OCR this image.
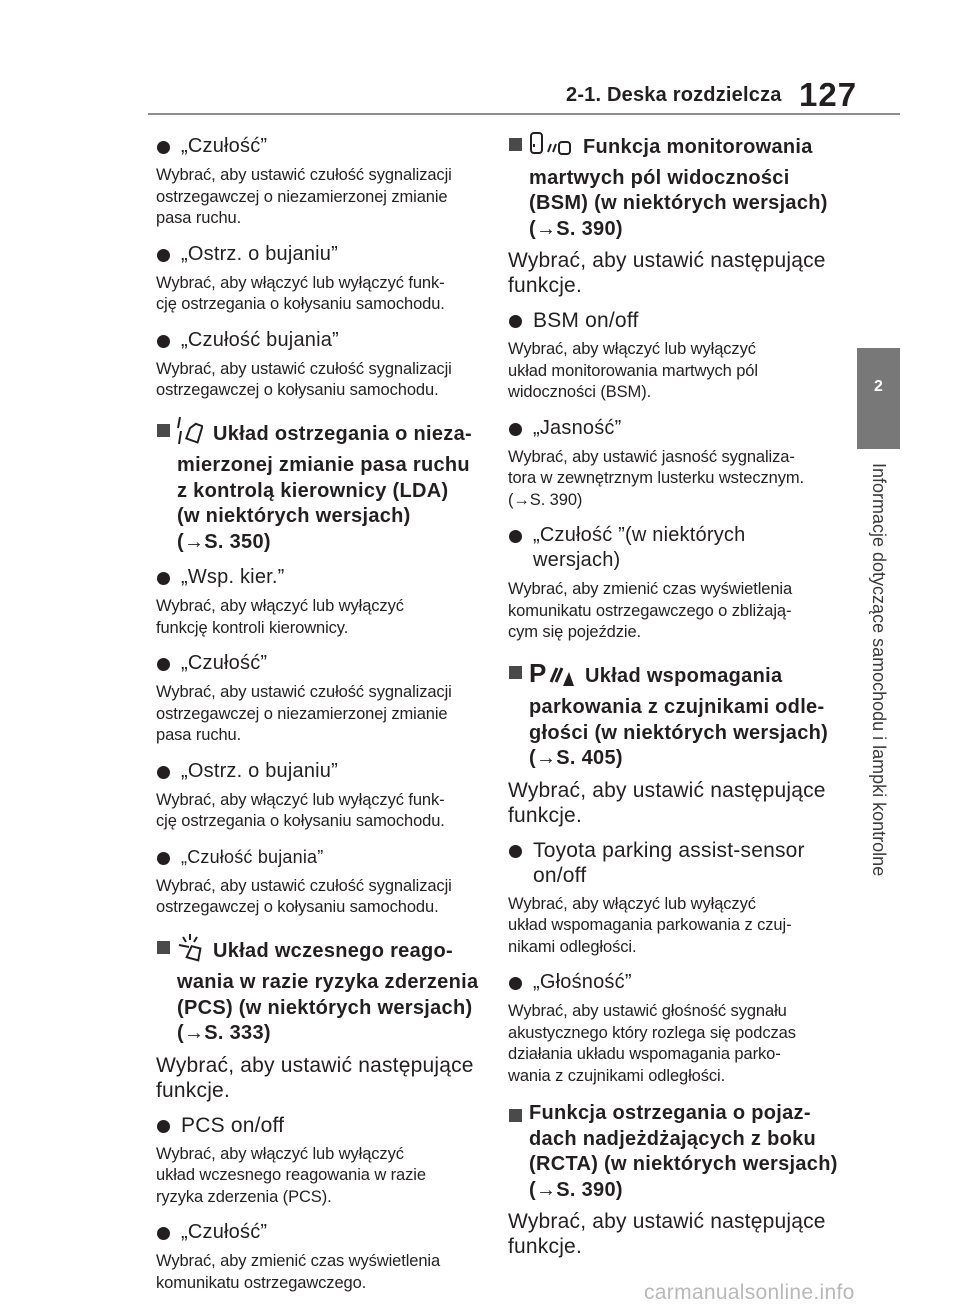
2-1. Deska rozdzielcza 127
2
Informacje dotyczące samochodu i lampki kontrolne
„Czułość”
Wybrać, aby ustawić czułość sygnalizacji
ostrzegawczej o niezamierzonej zmianie
pasa ruchu.
„Ostrz. o bujaniu”
Wybrać, aby włączyć lub wyłączyć funk-
cję ostrzegania o kołysaniu samochodu.
„Czułość bujania”
Wybrać, aby ustawić czułość sygnalizacji
ostrzegawczej o kołysaniu samochodu.
Układ ostrzegania o nieza-
mierzonej zmianie pasa ruchu
z kontrolą kierownicy (LDA)
(w niektórych wersjach)
(→S. 350)
„Wsp. kier.”
Wybrać, aby włączyć lub wyłączyć
funkcję kontroli kierownicy.
„Czułość”
Wybrać, aby ustawić czułość sygnalizacji
ostrzegawczej o niezamierzonej zmianie
pasa ruchu.
„Ostrz. o bujaniu”
Wybrać, aby włączyć lub wyłączyć funk-
cję ostrzegania o kołysaniu samochodu.
„Czułość bujania”
Wybrać, aby ustawić czułość sygnalizacji
ostrzegawczej o kołysaniu samochodu.
Układ wczesnego reago-
wania w razie ryzyka zderzenia
(PCS) (w niektórych wersjach)
(→S. 333)
Wybrać, aby ustawić następujące
funkcje.
PCS on/off
Wybrać, aby włączyć lub wyłączyć
układ wczesnego reagowania w razie
ryzyka zderzenia (PCS).
„Czułość”
Wybrać, aby zmienić czas wyświetlenia
komunikatu ostrzegawczego.
Funkcja monitorowania
martwych pól widoczności
(BSM) (w niektórych wersjach)
(→S. 390)
Wybrać, aby ustawić następujące
funkcje.
BSM on/off
Wybrać, aby włączyć lub wyłączyć
układ monitorowania martwych pól
widoczności (BSM).
„Jasność”
Wybrać, aby ustawić jasność sygnaliza-
tora w zewnętrznym lusterku wstecznym.
(→S. 390)
„Czułość ”(w niektórych wersjach)
Wybrać, aby zmienić czas wyświetlenia
komunikatu ostrzegawczego o zbliżają-
cym się pojeździe.
P Układ wspomagania
parkowania z czujnikami odle-
głości (w niektórych wersjach)
(→S. 405)
Wybrać, aby ustawić następujące
funkcje.
Toyota parking assist-sensor
on/off
Wybrać, aby włączyć lub wyłączyć
układ wspomagania parkowania z czuj-
nikami odległości.
„Głośność”
Wybrać, aby ustawić głośność sygnału
akustycznego który rozlega się podczas
działania układu wspomagania parko-
wania z czujnikami odległości.
Funkcja ostrzegania o pojaz-
dach nadjeżdżających z boku
(RCTA) (w niektórych wersjach)
(→S. 390)
Wybrać, aby ustawić następujące
funkcje.
carmanualsonline.info
